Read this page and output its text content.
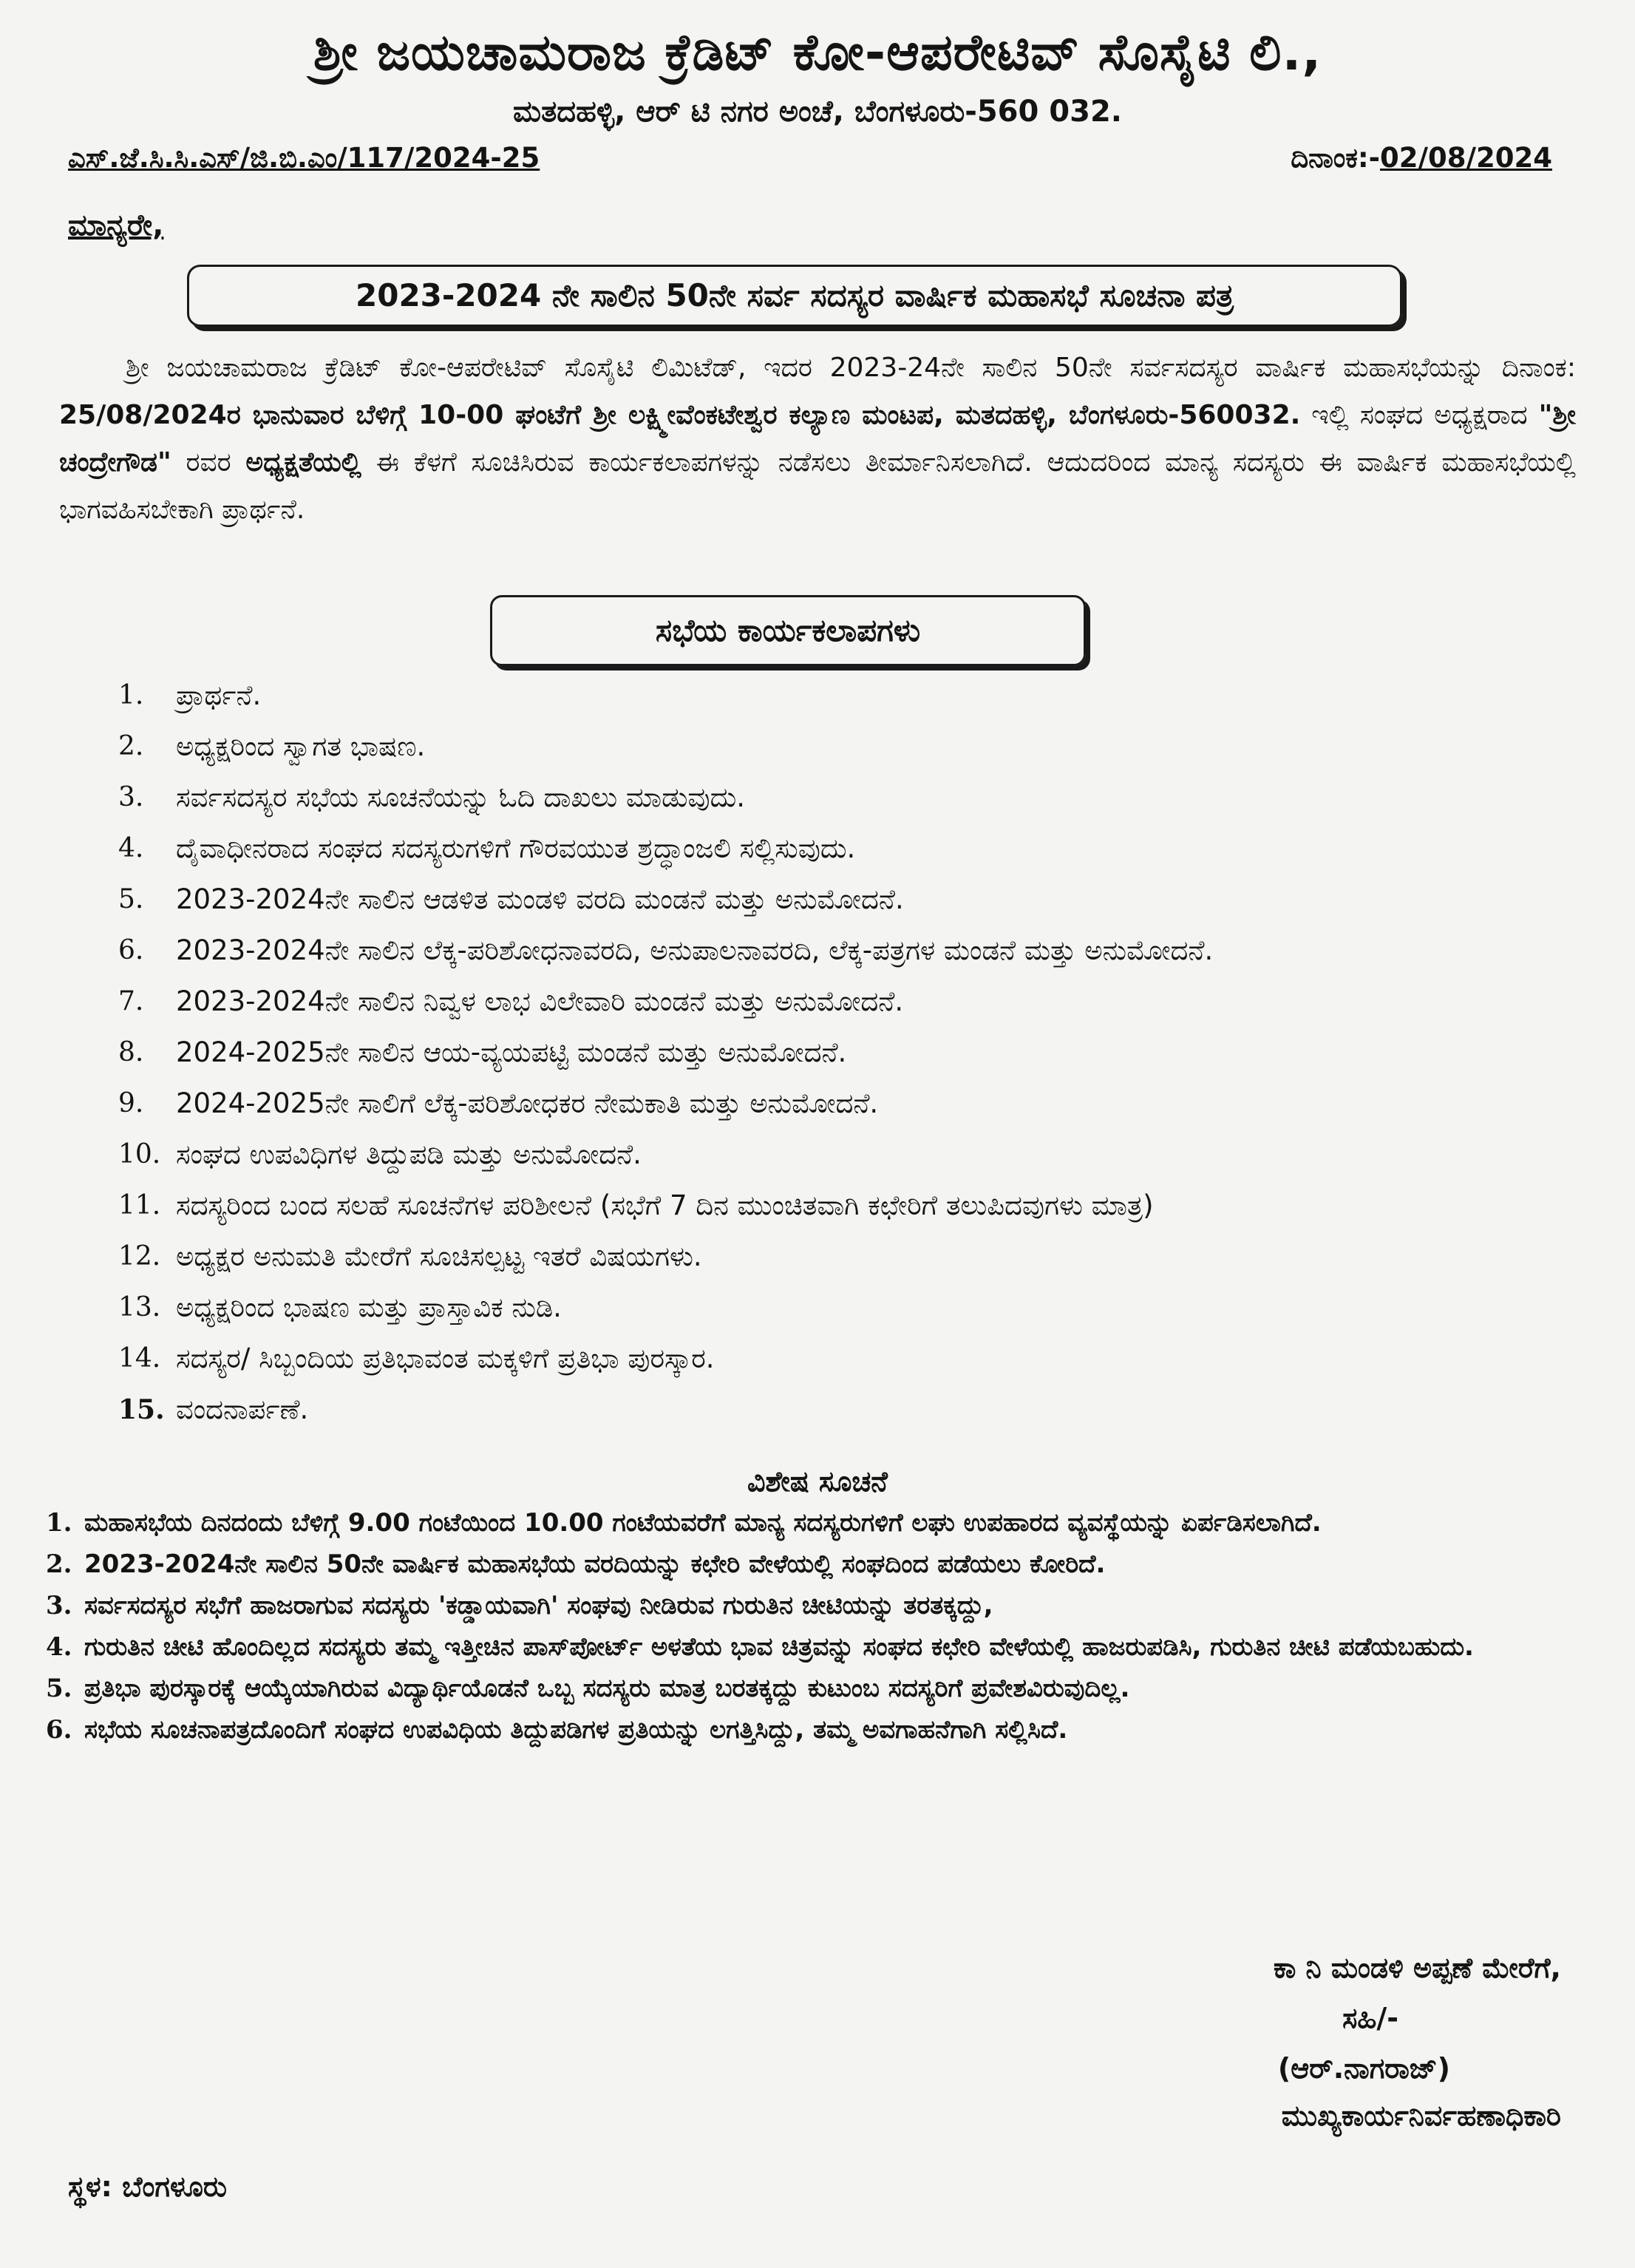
ಶ್ರೀ ಜಯಚಾಮರಾಜ ಕ್ರೆಡಿಟ್ ಕೋ-ಆಪರೇಟಿವ್ ಸೊಸೈಟಿ ಲಿ.,
ಮತದಹಳ್ಳಿ, ಆರ್ ಟಿ ನಗರ ಅಂಚೆ, ಬೆಂಗಳೂರು-560 032.
ಎಸ್.ಜೆ.ಸಿ.ಸಿ.ಎಸ್/ಜಿ.ಬಿ.ಎಂ/117/2024-25	ದಿನಾಂಕ:-02/08/2024
ಮಾನ್ಯರೇ,
2023-2024 ನೇ ಸಾಲಿನ 50ನೇ ಸರ್ವ ಸದಸ್ಯರ ವಾರ್ಷಿಕ ಮಹಾಸಭೆ ಸೂಚನಾ ಪತ್ರ
ಶ್ರೀ ಜಯಚಾಮರಾಜ ಕ್ರೆಡಿಟ್ ಕೋ-ಆಪರೇಟಿವ್ ಸೊಸೈಟಿ ಲಿಮಿಟೆಡ್, ಇದರ 2023-24ನೇ ಸಾಲಿನ 50ನೇ ಸರ್ವಸದಸ್ಯರ ವಾರ್ಷಿಕ ಮಹಾಸಭೆಯನ್ನು ದಿನಾಂಕ: 25/08/2024ರ ಭಾನುವಾರ ಬೆಳಿಗ್ಗೆ 10-00 ಘಂಟೆಗೆ ಶ್ರೀ ಲಕ್ಷ್ಮೀವೆಂಕಟೇಶ್ವರ ಕಲ್ಯಾಣ ಮಂಟಪ, ಮತದಹಳ್ಳಿ, ಬೆಂಗಳೂರು-560032. ಇಲ್ಲಿ ಸಂಘದ ಅಧ್ಯಕ್ಷರಾದ "ಶ್ರೀ ಚಂದ್ರೇಗೌಡ" ರವರ ಅಧ್ಯಕ್ಷತೆಯಲ್ಲಿ ಈ ಕೆಳಗೆ ಸೂಚಿಸಿರುವ ಕಾರ್ಯಕಲಾಪಗಳನ್ನು ನಡೆಸಲು ತೀರ್ಮಾನಿಸಲಾಗಿದೆ. ಆದುದರಿಂದ ಮಾನ್ಯ ಸದಸ್ಯರು ಈ ವಾರ್ಷಿಕ ಮಹಾಸಭೆಯಲ್ಲಿ ಭಾಗವಹಿಸಬೇಕಾಗಿ ಪ್ರಾರ್ಥನೆ.
ಸಭೆಯ ಕಾರ್ಯಕಲಾಪಗಳು
1.	ಪ್ರಾರ್ಥನೆ.
2.	ಅಧ್ಯಕ್ಷರಿಂದ ಸ್ವಾಗತ ಭಾಷಣ.
3.	ಸರ್ವಸದಸ್ಯರ ಸಭೆಯ ಸೂಚನೆಯನ್ನು ಓದಿ ದಾಖಲು ಮಾಡುವುದು.
4.	ದೈವಾಧೀನರಾದ ಸಂಘದ ಸದಸ್ಯರುಗಳಿಗೆ ಗೌರವಯುತ ಶ್ರದ್ಧಾಂಜಲಿ ಸಲ್ಲಿಸುವುದು.
5.	2023-2024ನೇ ಸಾಲಿನ ಆಡಳಿತ ಮಂಡಳಿ ವರದಿ ಮಂಡನೆ ಮತ್ತು ಅನುಮೋದನೆ.
6.	2023-2024ನೇ ಸಾಲಿನ ಲೆಕ್ಕ-ಪರಿಶೋಧನಾವರದಿ, ಅನುಪಾಲನಾವರದಿ, ಲೆಕ್ಕ-ಪತ್ರಗಳ ಮಂಡನೆ ಮತ್ತು ಅನುಮೋದನೆ.
7.	2023-2024ನೇ ಸಾಲಿನ ನಿವ್ವಳ ಲಾಭ ವಿಲೇವಾರಿ ಮಂಡನೆ ಮತ್ತು ಅನುಮೋದನೆ.
8.	2024-2025ನೇ ಸಾಲಿನ ಆಯ-ವ್ಯಯಪಟ್ಟಿ ಮಂಡನೆ ಮತ್ತು ಅನುಮೋದನೆ.
9.	2024-2025ನೇ ಸಾಲಿಗೆ ಲೆಕ್ಕ-ಪರಿಶೋಧಕರ ನೇಮಕಾತಿ ಮತ್ತು ಅನುಮೋದನೆ.
10. ಸಂಘದ ಉಪವಿಧಿಗಳ ತಿದ್ದುಪಡಿ ಮತ್ತು ಅನುಮೋದನೆ.
11. ಸದಸ್ಯರಿಂದ ಬಂದ ಸಲಹೆ ಸೂಚನೆಗಳ ಪರಿಶೀಲನೆ (ಸಭೆಗೆ 7 ದಿನ ಮುಂಚಿತವಾಗಿ ಕಛೇರಿಗೆ ತಲುಪಿದವುಗಳು ಮಾತ್ರ)
12. ಅಧ್ಯಕ್ಷರ ಅನುಮತಿ ಮೇರೆಗೆ ಸೂಚಿಸಲ್ಪಟ್ಟ ಇತರೆ ವಿಷಯಗಳು.
13. ಅಧ್ಯಕ್ಷರಿಂದ ಭಾಷಣ ಮತ್ತು ಪ್ರಾಸ್ತಾವಿಕ ನುಡಿ.
14. ಸದಸ್ಯರ/ ಸಿಬ್ಬಂದಿಯ ಪ್ರತಿಭಾವಂತ ಮಕ್ಕಳಿಗೆ ಪ್ರತಿಭಾ ಪುರಸ್ಕಾರ.
15. ವಂದನಾರ್ಪಣೆ.
ವಿಶೇಷ ಸೂಚನೆ
1. ಮಹಾಸಭೆಯ ದಿನದಂದು ಬೆಳಿಗ್ಗೆ 9.00 ಗಂಟೆಯಿಂದ 10.00 ಗಂಟೆಯವರೆಗೆ ಮಾನ್ಯ ಸದಸ್ಯರುಗಳಿಗೆ ಲಘು ಉಪಹಾರದ ವ್ಯವಸ್ಥೆಯನ್ನು ಏರ್ಪಡಿಸಲಾಗಿದೆ.
2. 2023-2024ನೇ ಸಾಲಿನ 50ನೇ ವಾರ್ಷಿಕ ಮಹಾಸಭೆಯ ವರದಿಯನ್ನು ಕಛೇರಿ ವೇಳೆಯಲ್ಲಿ ಸಂಘದಿಂದ ಪಡೆಯಲು ಕೋರಿದೆ.
3. ಸರ್ವಸದಸ್ಯರ ಸಭೆಗೆ ಹಾಜರಾಗುವ ಸದಸ್ಯರು 'ಕಡ್ಡಾಯವಾಗಿ' ಸಂಘವು ನೀಡಿರುವ ಗುರುತಿನ ಚೀಟಿಯನ್ನು ತರತಕ್ಕದ್ದು,
4. ಗುರುತಿನ ಚೀಟಿ ಹೊಂದಿಲ್ಲದ ಸದಸ್ಯರು ತಮ್ಮ ಇತ್ತೀಚಿನ ಪಾಸ್‌ಪೋರ್ಟ್ ಅಳತೆಯ ಭಾವ ಚಿತ್ರವನ್ನು ಸಂಘದ ಕಛೇರಿ ವೇಳೆಯಲ್ಲಿ ಹಾಜರುಪಡಿಸಿ, ಗುರುತಿನ ಚೀಟಿ ಪಡೆಯಬಹುದು.
5. ಪ್ರತಿಭಾ ಪುರಸ್ಕಾರಕ್ಕೆ ಆಯ್ಕೆಯಾಗಿರುವ ವಿದ್ಯಾರ್ಥಿಯೊಡನೆ ಒಬ್ಬ ಸದಸ್ಯರು ಮಾತ್ರ ಬರತಕ್ಕದ್ದು ಕುಟುಂಬ ಸದಸ್ಯರಿಗೆ ಪ್ರವೇಶವಿರುವುದಿಲ್ಲ.
6. ಸಭೆಯ ಸೂಚನಾಪತ್ರದೊಂದಿಗೆ ಸಂಘದ ಉಪವಿಧಿಯ ತಿದ್ದುಪಡಿಗಳ ಪ್ರತಿಯನ್ನು ಲಗತ್ತಿಸಿದ್ದು, ತಮ್ಮ ಅವಗಾಹನೆಗಾಗಿ ಸಲ್ಲಿಸಿದೆ.
ಕಾ ನಿ ಮಂಡಳಿ ಅಪ್ಪಣೆ ಮೇರೆಗೆ,
ಸಹಿ/-
(ಆರ್.ನಾಗರಾಜ್)
ಮುಖ್ಯಕಾರ್ಯನಿರ್ವಹಣಾಧಿಕಾರಿ
ಸ್ಥಳ: ಬೆಂಗಳೂರು
